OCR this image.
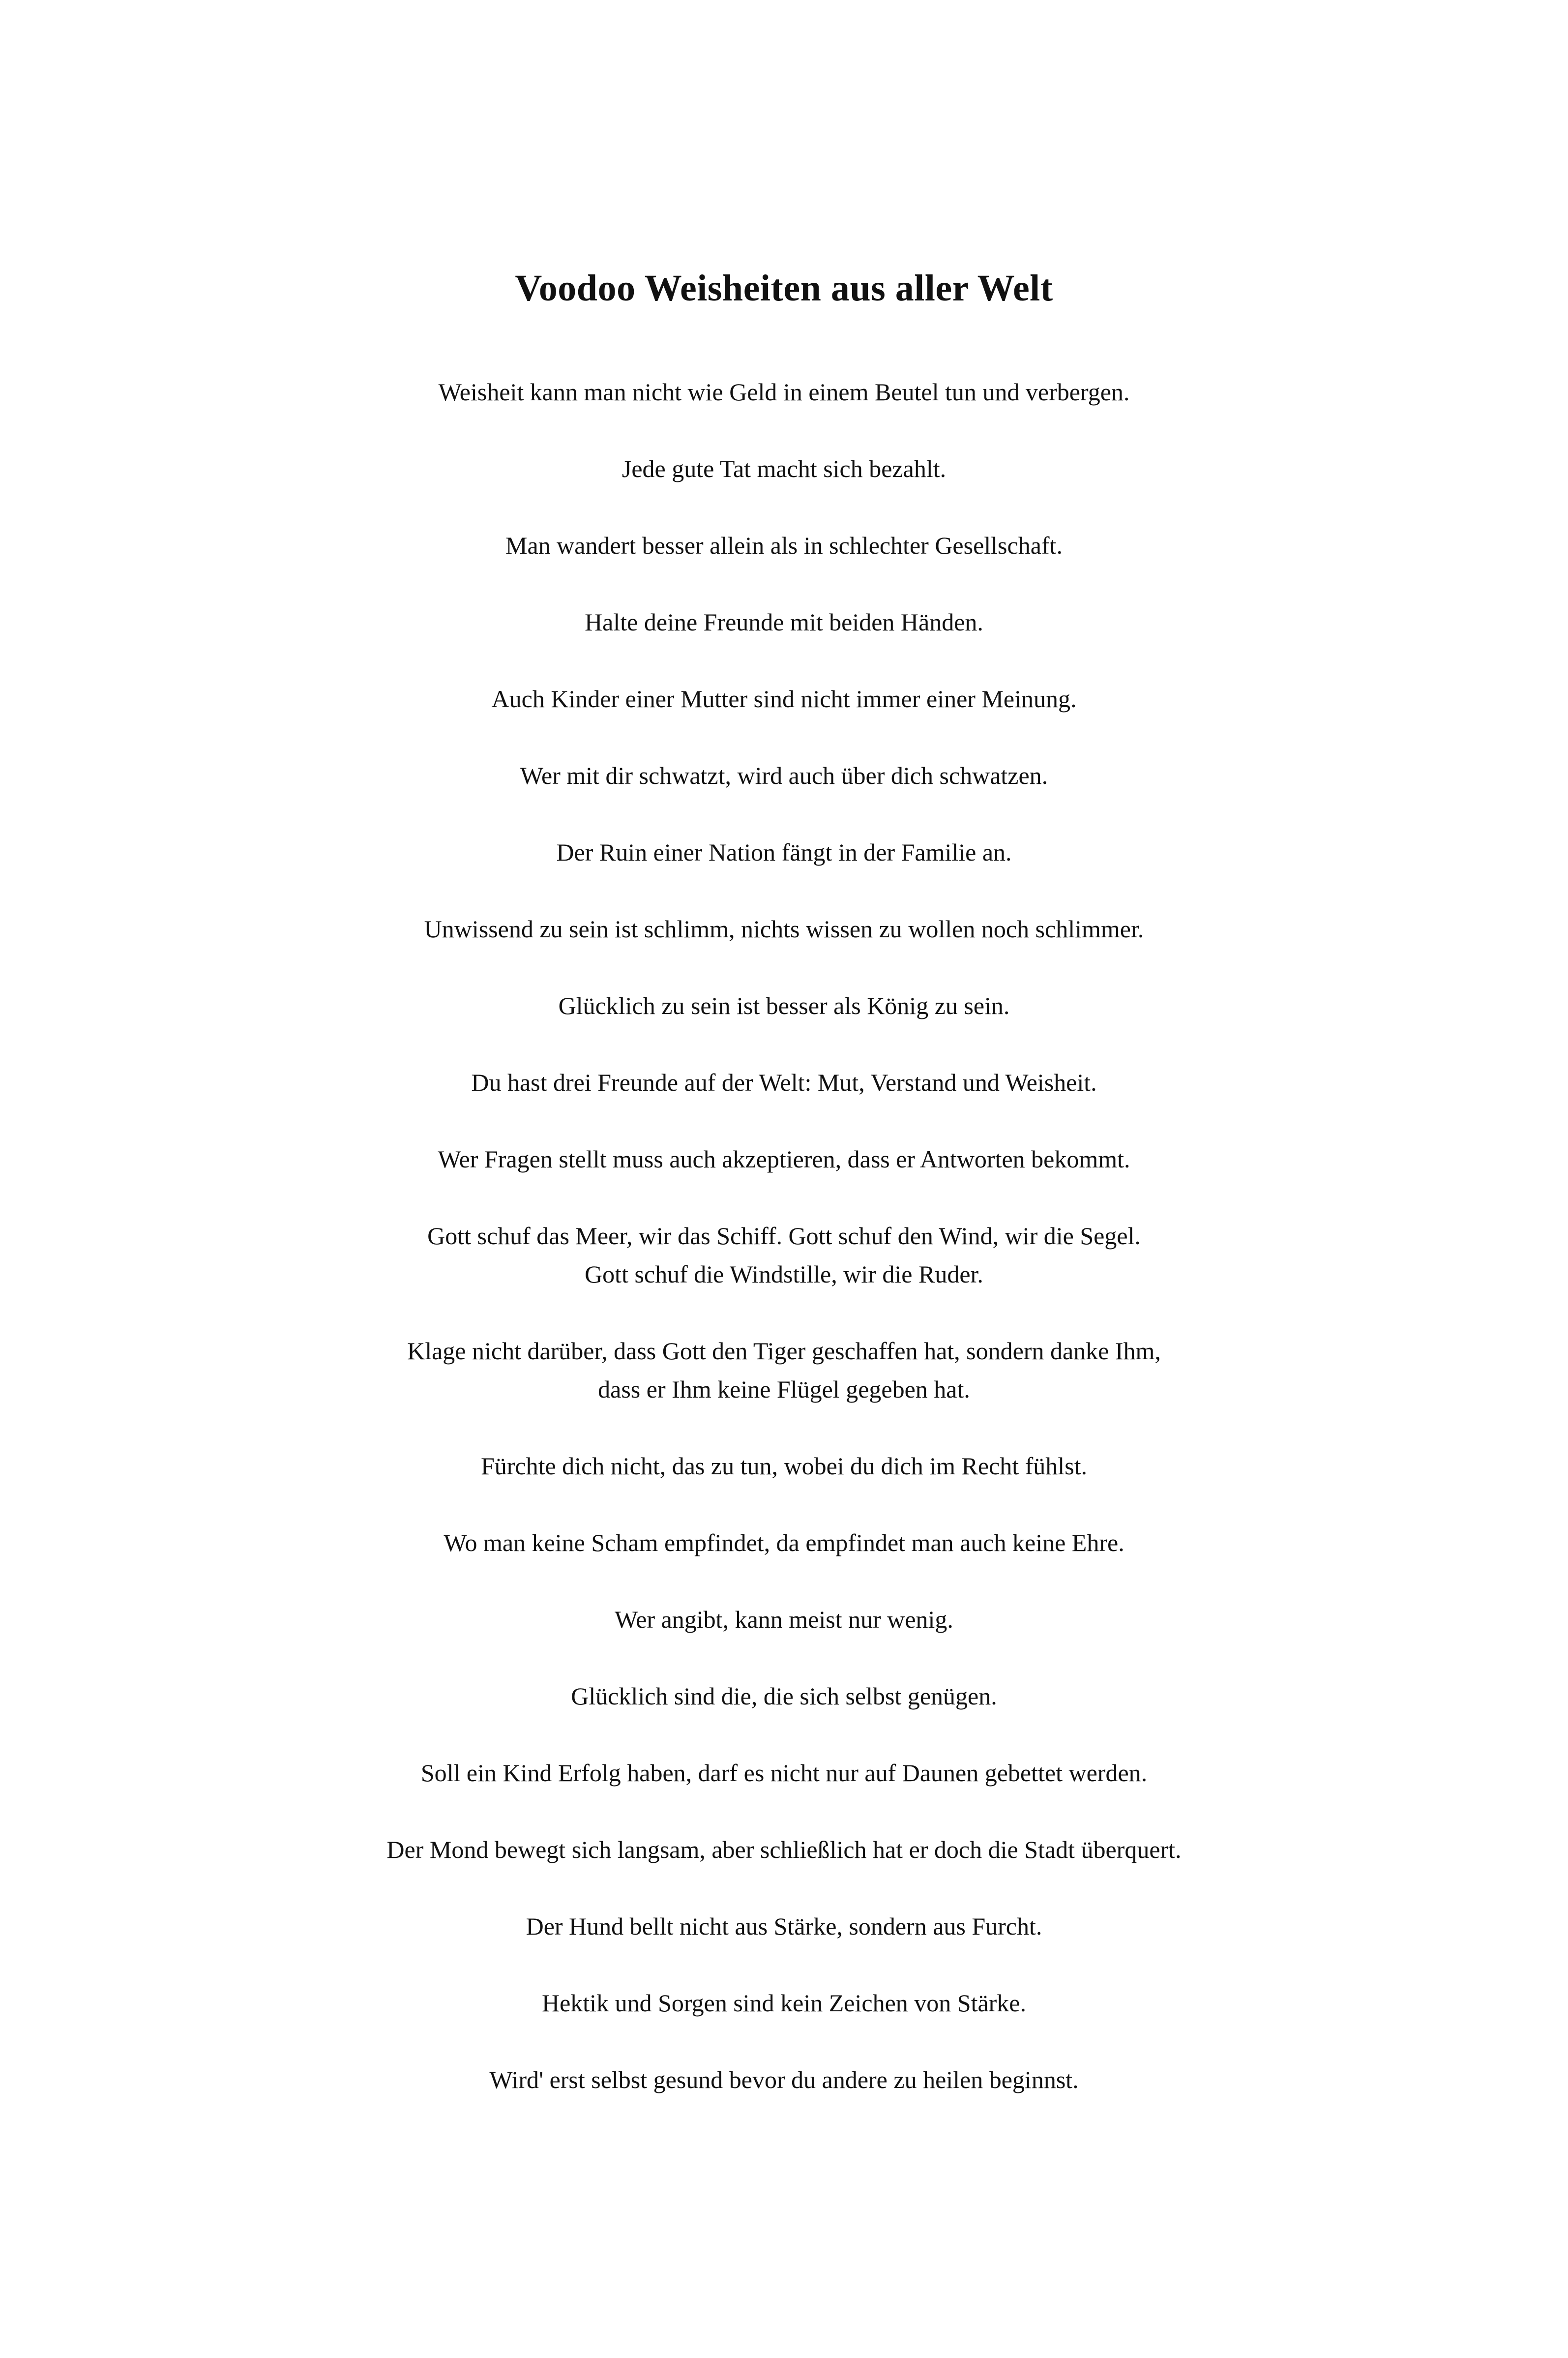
Voodoo Weisheiten aus aller Welt
Weisheit kann man nicht wie Geld in einem Beutel tun und verbergen.
Jede gute Tat macht sich bezahlt.
Man wandert besser allein als in schlechter Gesellschaft.
Halte deine Freunde mit beiden Händen.
Auch Kinder einer Mutter sind nicht immer einer Meinung.
Wer mit dir schwatzt, wird auch über dich schwatzen.
Der Ruin einer Nation fängt in der Familie an.
Unwissend zu sein ist schlimm, nichts wissen zu wollen noch schlimmer.
Glücklich zu sein ist besser als König zu sein.
Du hast drei Freunde auf der Welt: Mut, Verstand und Weisheit.
Wer Fragen stellt muss auch akzeptieren, dass er Antworten bekommt.
Gott schuf das Meer, wir das Schiff. Gott schuf den Wind, wir die Segel.
Gott schuf die Windstille, wir die Ruder.
Klage nicht darüber, dass Gott den Tiger geschaffen hat, sondern danke Ihm,
dass er Ihm keine Flügel gegeben hat.
Fürchte dich nicht, das zu tun, wobei du dich im Recht fühlst.
Wo man keine Scham empfindet, da empfindet man auch keine Ehre.
Wer angibt, kann meist nur wenig.
Glücklich sind die, die sich selbst genügen.
Soll ein Kind Erfolg haben, darf es nicht nur auf Daunen gebettet werden.
Der Mond bewegt sich langsam, aber schließlich hat er doch die Stadt überquert.
Der Hund bellt nicht aus Stärke, sondern aus Furcht.
Hektik und Sorgen sind kein Zeichen von Stärke.
Wird' erst selbst gesund bevor du andere zu heilen beginnst.
